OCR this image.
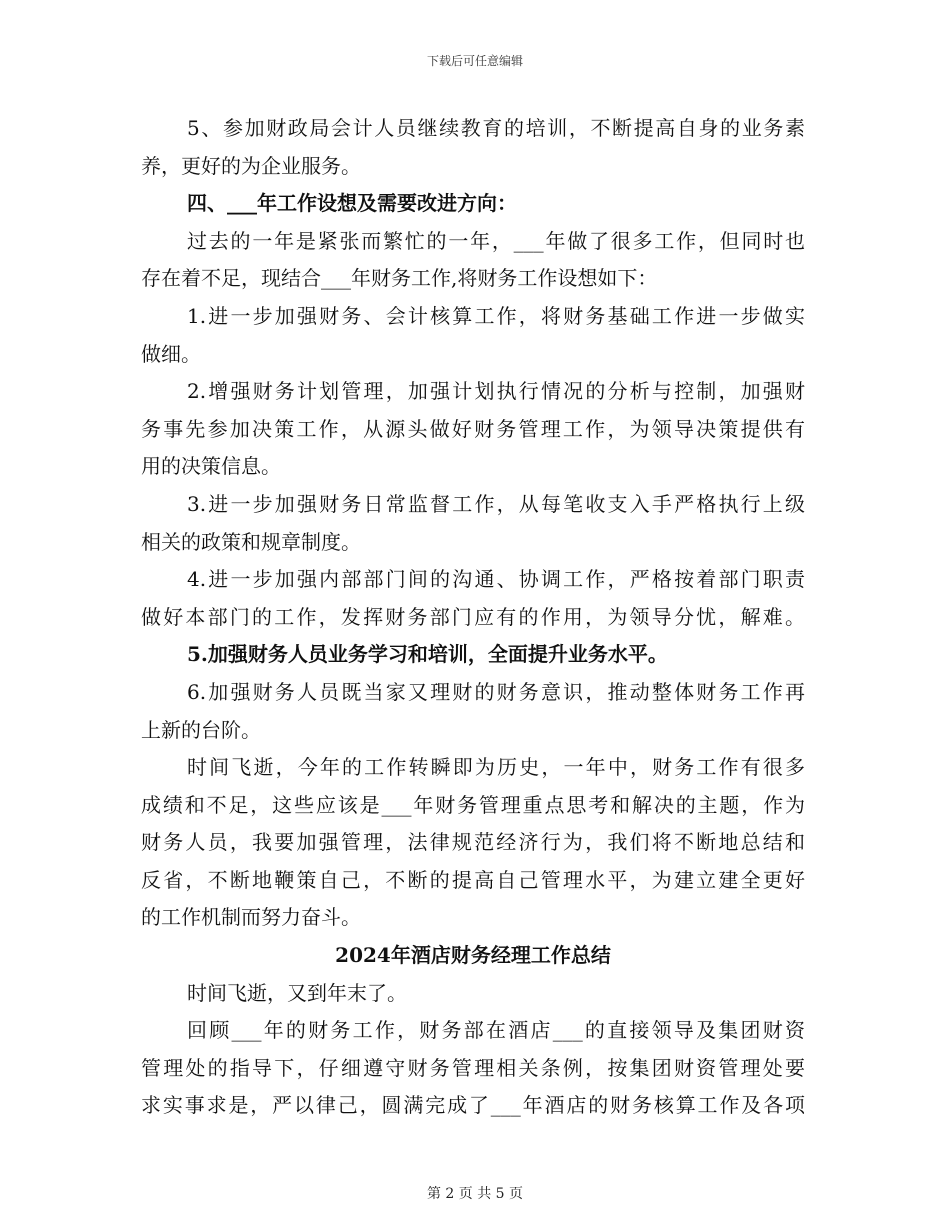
下载后可任意编辑
5、参加财政局会计人员继续教育的培训，不断提高自身的业务素
养，更好的为企业服务。
四、___年工作设想及需要改进方向：
过去的一年是紧张而繁忙的一年，___年做了很多工作，但同时也
存在着不足，现结合___年财务工作,将财务工作设想如下：
1.进一步加强财务、会计核算工作，将财务基础工作进一步做实
做细。
2.增强财务计划管理，加强计划执行情况的分析与控制，加强财
务事先参加决策工作，从源头做好财务管理工作，为领导决策提供有
用的决策信息。
3.进一步加强财务日常监督工作，从每笔收支入手严格执行上级
相关的政策和规章制度。
4.进一步加强内部部门间的沟通、协调工作，严格按着部门职责
做好本部门的工作，发挥财务部门应有的作用，为领导分忧，解难。
5.加强财务人员业务学习和培训，全面提升业务水平。
6.加强财务人员既当家又理财的财务意识，推动整体财务工作再
上新的台阶。
时间飞逝，今年的工作转瞬即为历史，一年中，财务工作有很多
成绩和不足，这些应该是___年财务管理重点思考和解决的主题，作为
财务人员，我要加强管理，法律规范经济行为，我们将不断地总结和
反省，不断地鞭策自己，不断的提高自己管理水平，为建立建全更好
的工作机制而努力奋斗。
2024年酒店财务经理工作总结
时间飞逝，又到年末了。
回顾___年的财务工作，财务部在酒店___的直接领导及集团财资
管理处的指导下，仔细遵守财务管理相关条例，按集团财资管理处要
求实事求是，严以律己，圆满完成了___年酒店的财务核算工作及各项
第 2 页 共 5 页
